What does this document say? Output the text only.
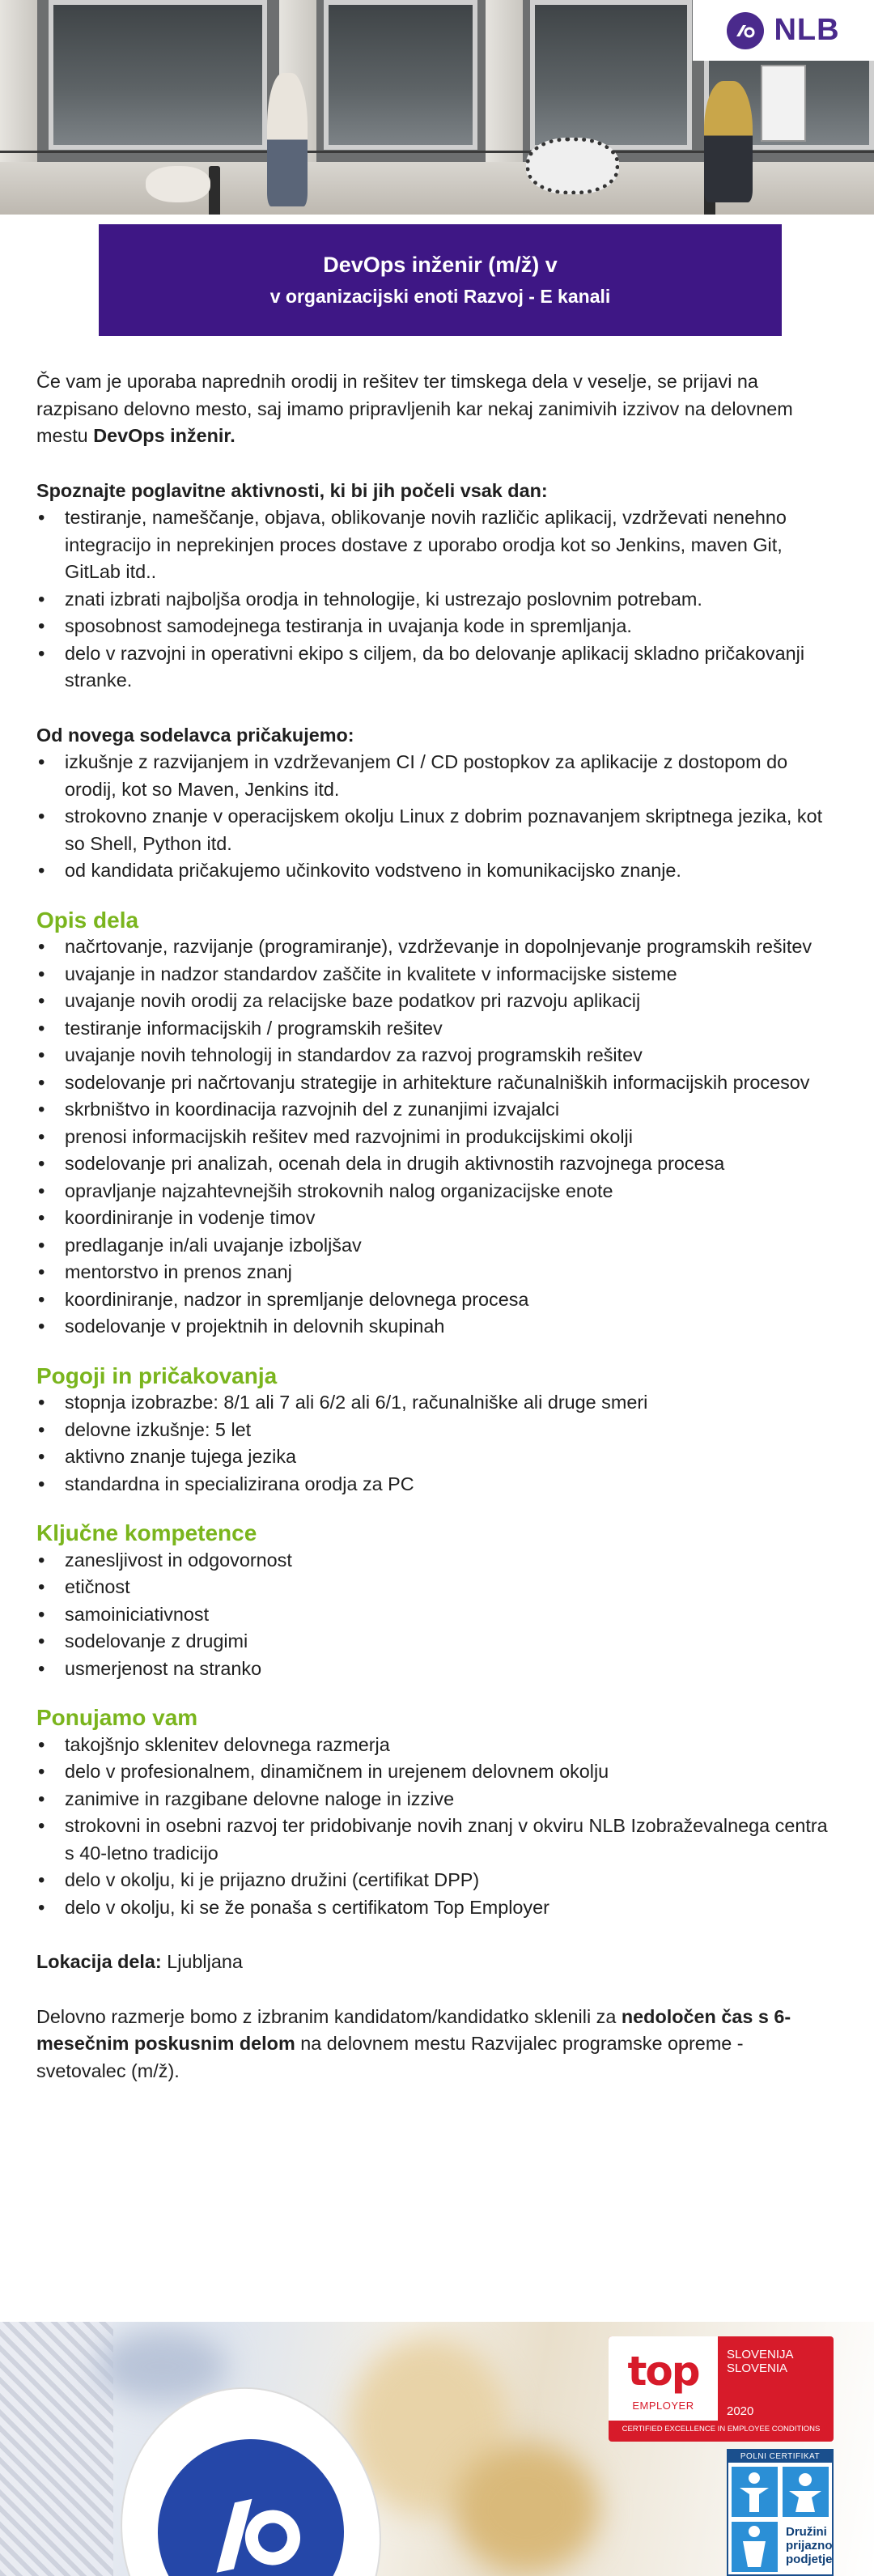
NLB
DevOps inženir (m/ž) v
v organizacijski enoti Razvoj - E kanali

Če vam je uporaba naprednih orodij in rešitev ter timskega dela v veselje, se prijavi na razpisano delovno mesto, saj imamo pripravljenih kar nekaj zanimivih izzivov na delovnem mestu DevOps inženir.

Spoznajte poglavitne aktivnosti, ki bi jih počeli vsak dan:

• testiranje, nameščanje, objava, oblikovanje novih različic aplikacij, vzdrževati nenehno integracijo in neprekinjen proces dostave z uporabo orodja kot so Jenkins, maven Git, GitLab itd..
• znati izbrati najboljša orodja in tehnologije, ki ustrezajo poslovnim potrebam.
• sposobnost samodejnega testiranja in uvajanja kode in spremljanja.
• delo v razvojni in operativni ekipo s ciljem, da bo delovanje aplikacij skladno pričakovanji stranke.

Od novega sodelavca pričakujemo:

• izkušnje z razvijanjem in vzdrževanjem CI / CD postopkov za aplikacije z dostopom do orodij, kot so Maven, Jenkins itd.
• strokovno znanje v operacijskem okolju Linux z dobrim poznavanjem skriptnega jezika, kot so Shell, Python itd.
• od kandidata pričakujemo učinkovito vodstveno in komunikacijsko znanje.

Opis dela

• načrtovanje, razvijanje (programiranje), vzdrževanje in dopolnjevanje programskih rešitev
• uvajanje in nadzor standardov zaščite in kvalitete v informacijske sisteme
• uvajanje novih orodij za relacijske baze podatkov pri razvoju aplikacij
• testiranje informacijskih / programskih rešitev
• uvajanje novih tehnologij in standardov za razvoj programskih rešitev
• sodelovanje pri načrtovanju strategije in arhitekture računalniških informacijskih procesov
• skrbništvo in koordinacija razvojnih del z zunanjimi izvajalci
• prenosi informacijskih rešitev med razvojnimi in produkcijskimi okolji
• sodelovanje pri analizah, ocenah dela in drugih aktivnostih razvojnega procesa
• opravljanje najzahtevnejših strokovnih nalog organizacijske enote
• koordiniranje in vodenje timov
• predlaganje in/ali uvajanje izboljšav
• mentorstvo in prenos znanj
• koordiniranje, nadzor in spremljanje delovnega procesa
• sodelovanje v projektnih in delovnih skupinah

Pogoji in pričakovanja

• stopnja izobrazbe: 8/1 ali 7 ali 6/2 ali 6/1, računalniške ali druge smeri
• delovne izkušnje: 5 let
• aktivno znanje tujega jezika
• standardna in specializirana orodja za PC

Ključne kompetence

• zanesljivost in odgovornost
• etičnost
• samoiniciativnost
• sodelovanje z drugimi
• usmerjenost na stranko

Ponujamo vam

• takojšnjo sklenitev delovnega razmerja
• delo v profesionalnem, dinamičnem in urejenem delovnem okolju
• zanimive in razgibane delovne naloge in izzive
• strokovni in osebni razvoj ter pridobivanje novih znanj v okviru NLB Izobraževalnega centra s 40-letno tradicijo
• delo v okolju, ki je prijazno družini (certifikat DPP)
• delo v okolju, ki se že ponaša s certifikatom Top Employer

Lokacija dela: Ljubljana

Delovno razmerje bomo z izbranim kandidatom/kandidatko sklenili za nedoločen čas s 6-mesečnim poskusnim delom na delovnem mestu Razvijalec programske opreme - svetovalec (m/ž).

top
EMPLOYER
SLOVENIJA
SLOVENIA
2020
CERTIFIED EXCELLENCE IN EMPLOYEE CONDITIONS
POLNI CERTIFIKAT
Družini prijazno podjetje
